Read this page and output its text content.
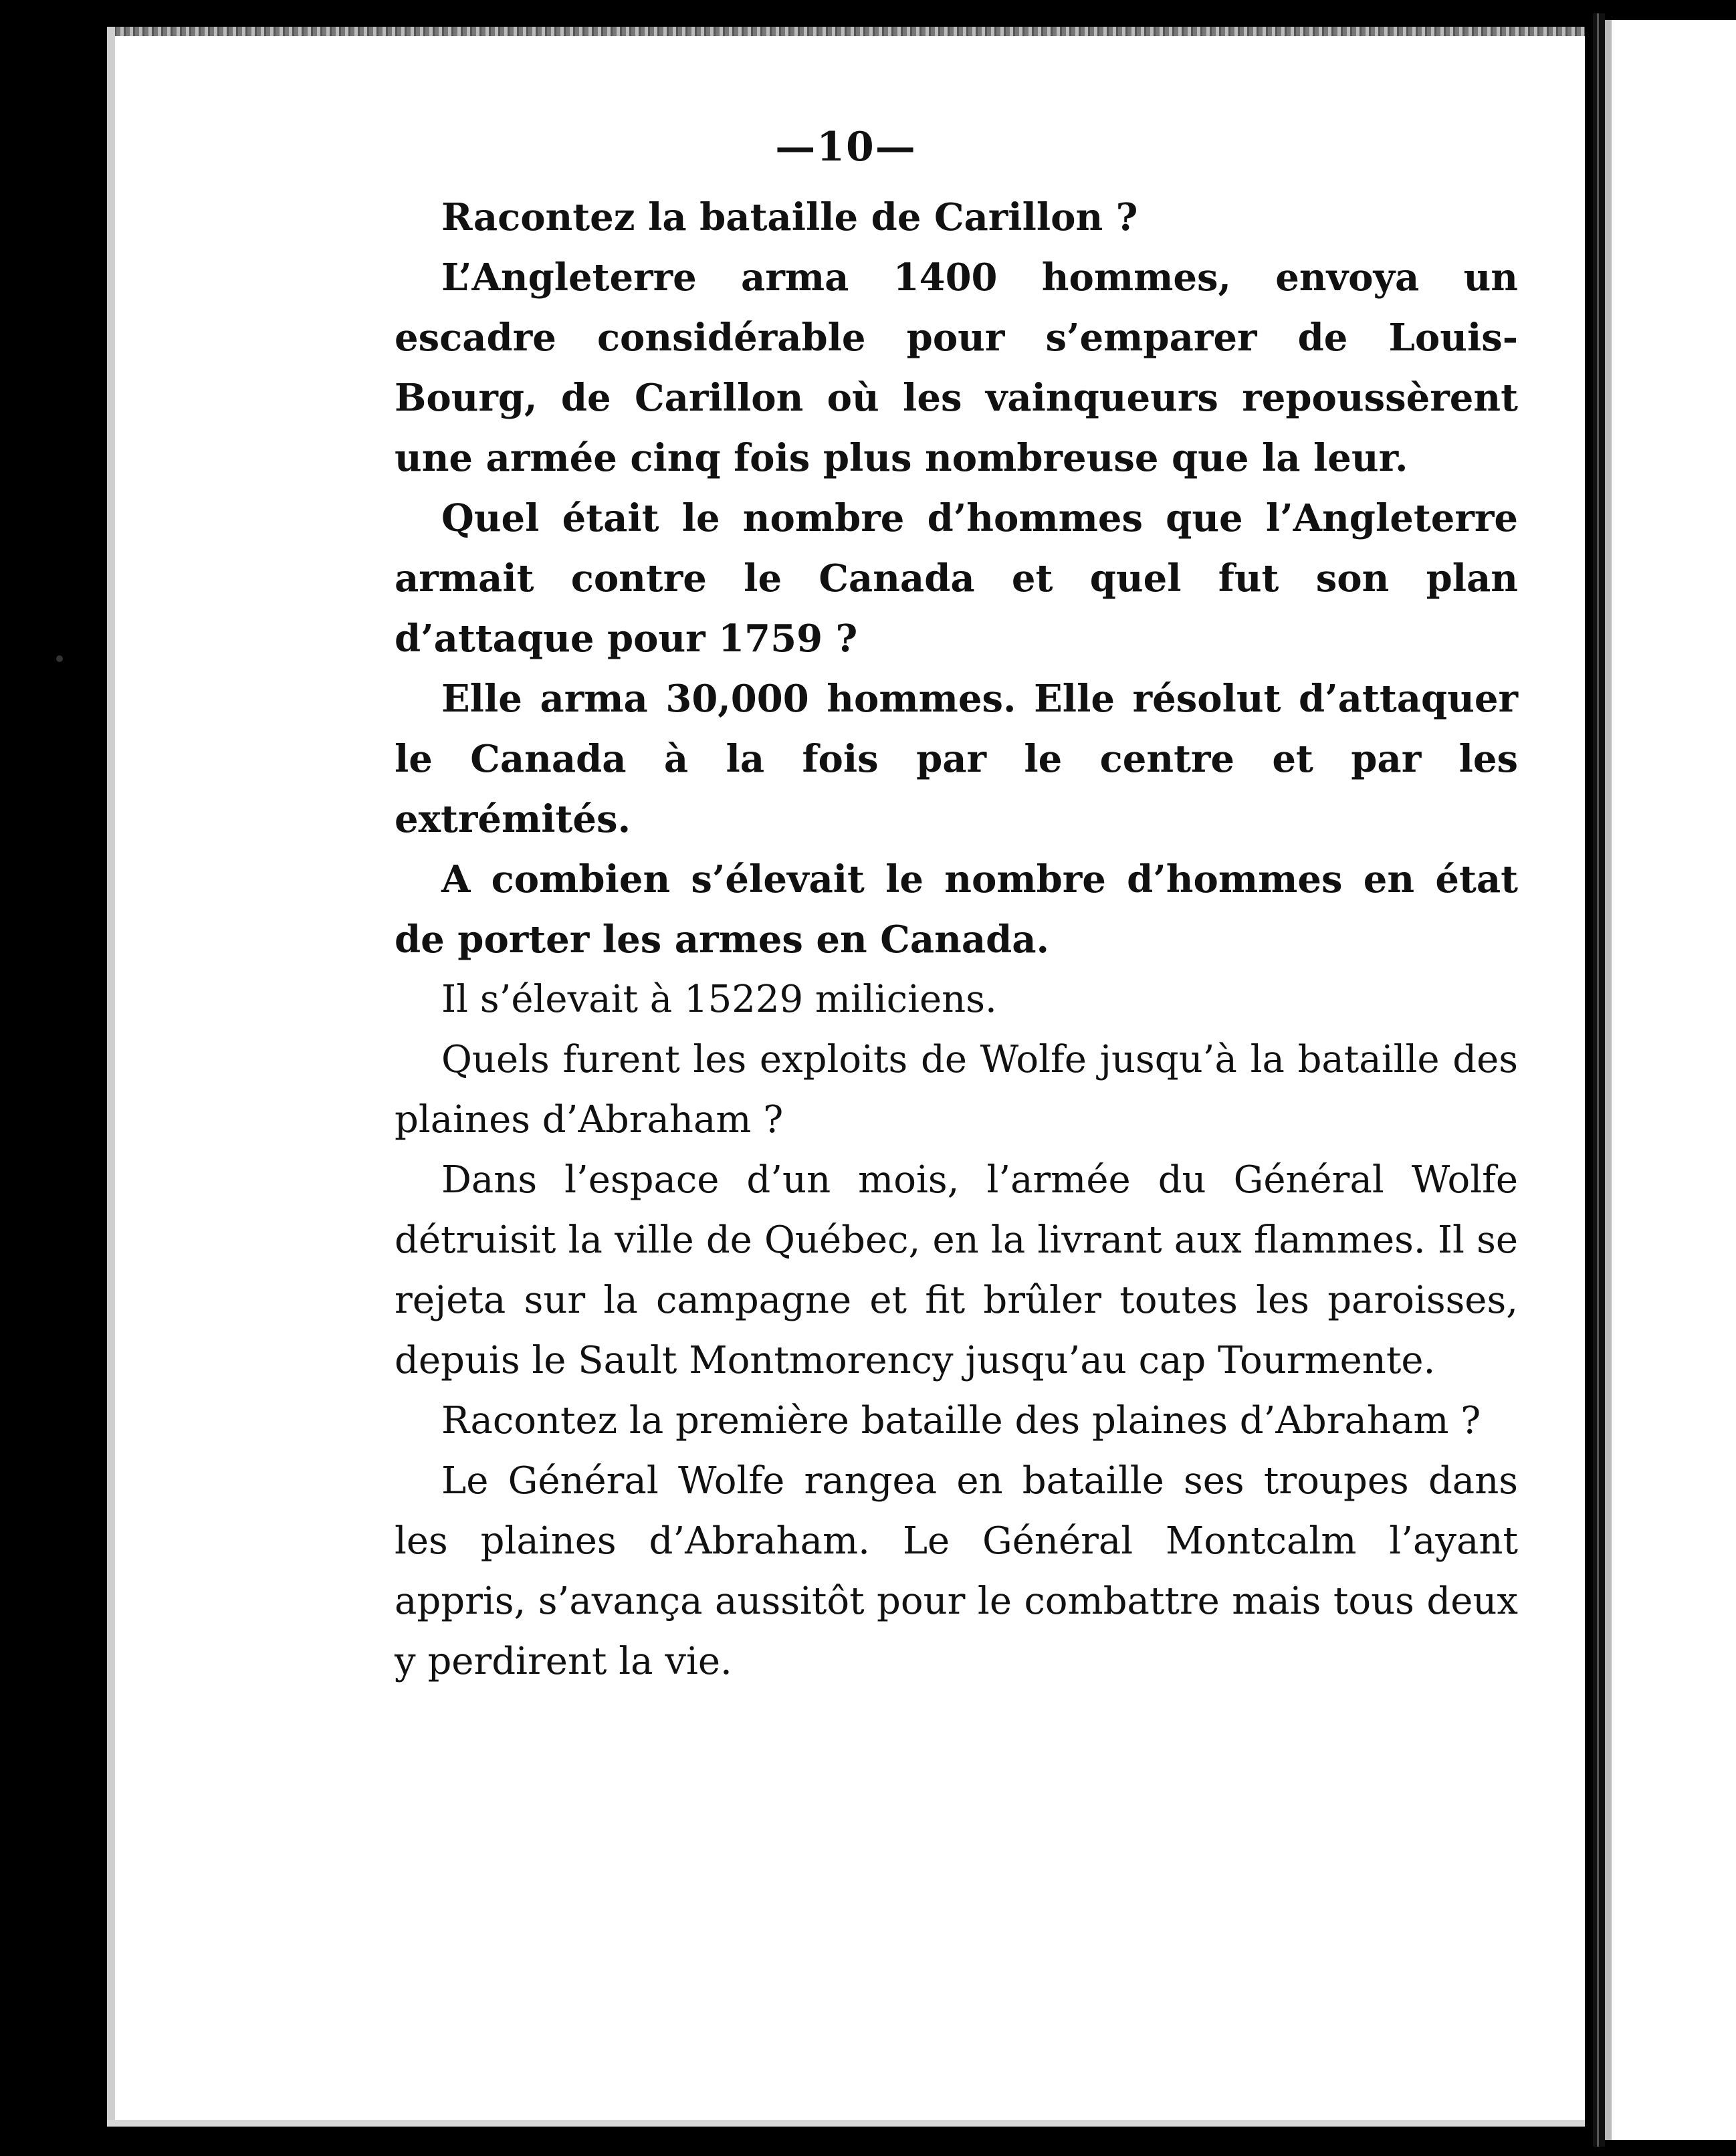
—10—

Racontez la bataille de Carillon ?

L’Angleterre arma 1400 hommes, envoya un escadre considérable pour s’emparer de Louis-Bourg, de Carillon où les vainqueurs repoussèrent une armée cinq fois plus nombreuse que la leur.

Quel était le nombre d’hommes que l’Angleterre armait contre le Canada et quel fut son plan d’attaque pour 1759 ?

Elle arma 30,000 hommes. Elle résolut d’attaquer le Canada à la fois par le centre et par les extrémités.

A combien s’élevait le nombre d’hommes en état de porter les armes en Canada.

Il s’élevait à 15229 miliciens.

Quels furent les exploits de Wolfe jusqu’à la bataille des plaines d’Abraham ?

Dans l’espace d’un mois, l’armée du Général Wolfe détruisit la ville de Québec, en la livrant aux flammes. Il se rejeta sur la campagne et fit brûler toutes les paroisses, depuis le Sault Montmorency jusqu’au cap Tourmente.

Racontez la première bataille des plaines d’Abraham ?

Le Général Wolfe rangea en bataille ses troupes dans les plaines d’Abraham. Le Général Montcalm l’ayant appris, s’avança aussitôt pour le combattre mais tous deux y perdirent la vie.
